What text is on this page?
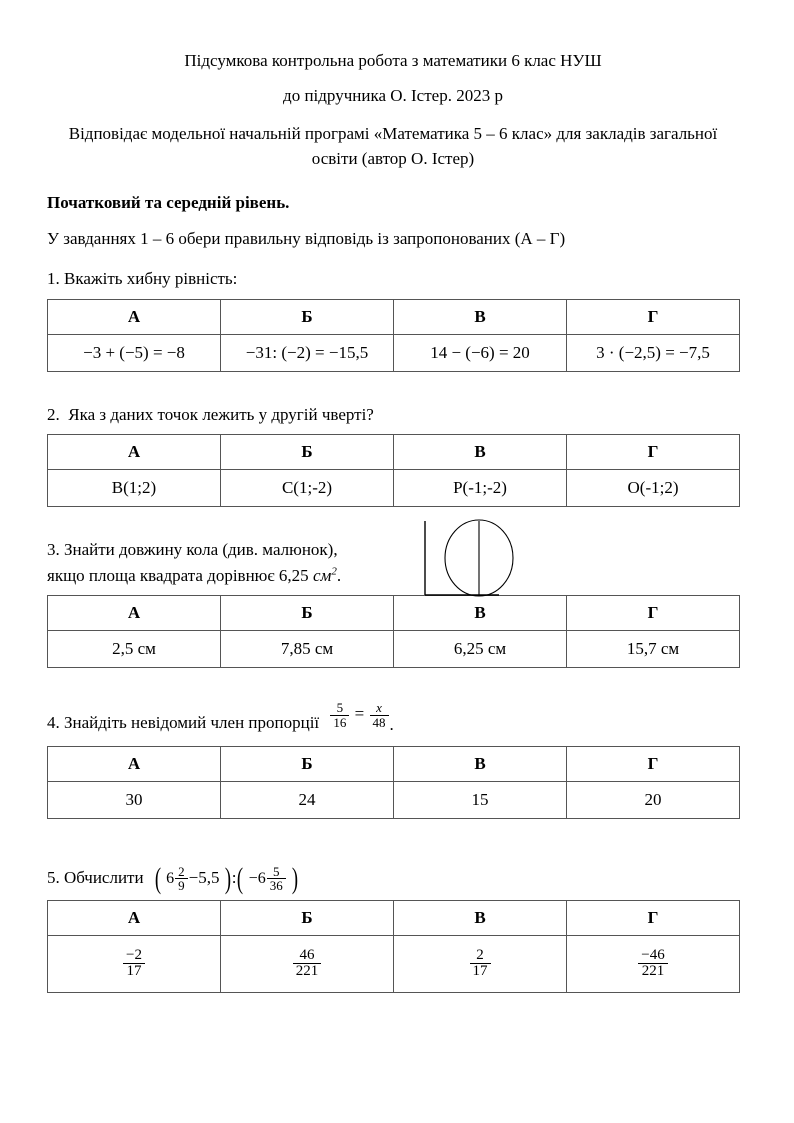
Підсумкова контрольна робота з математики 6 клас НУШ
до підручника О. Істер. 2023 р
Відповідає модельної начальній програмі «Математика 5 – 6 клас» для закладів загальної освіти (автор О. Істер)
Початковий та середній рівень.
У завданнях 1 – 6 обери правильну відповідь із запропонованих (А – Г)
1. Вкажіть хибну рівність:
А	Б	В	Г
−3 + (−5) = −8	−31: (−2) = −15,5	14 − (−6) = 20	3 · (−2,5) = −7,5
2. Яка з даних точок лежить у другій чверті?
А	Б	В	Г
B(1;2)	C(1;-2)	P(-1;-2)	O(-1;2)
3. Знайти довжину кола (див. малюнок),
якщо площа квадрата дорівнює 6,25 $см^2$.
А	Б	В	Г
2,5 см	7,85 см	6,25 см	15,7 см
4. Знайдіть невідомий член пропорції $\frac{5}{16} = \frac{x}{48}$ .
А	Б	В	Г
30	24	15	20
5. Обчислити ( $6 \frac{2}{9} -5,5$ ):( $-6 \frac{5}{36}$ )
А	Б	В	Г

$\frac{-2}{17}$	$\frac{46}{221}$	$\frac{2}{17}$	$\frac{-46}{221}$
